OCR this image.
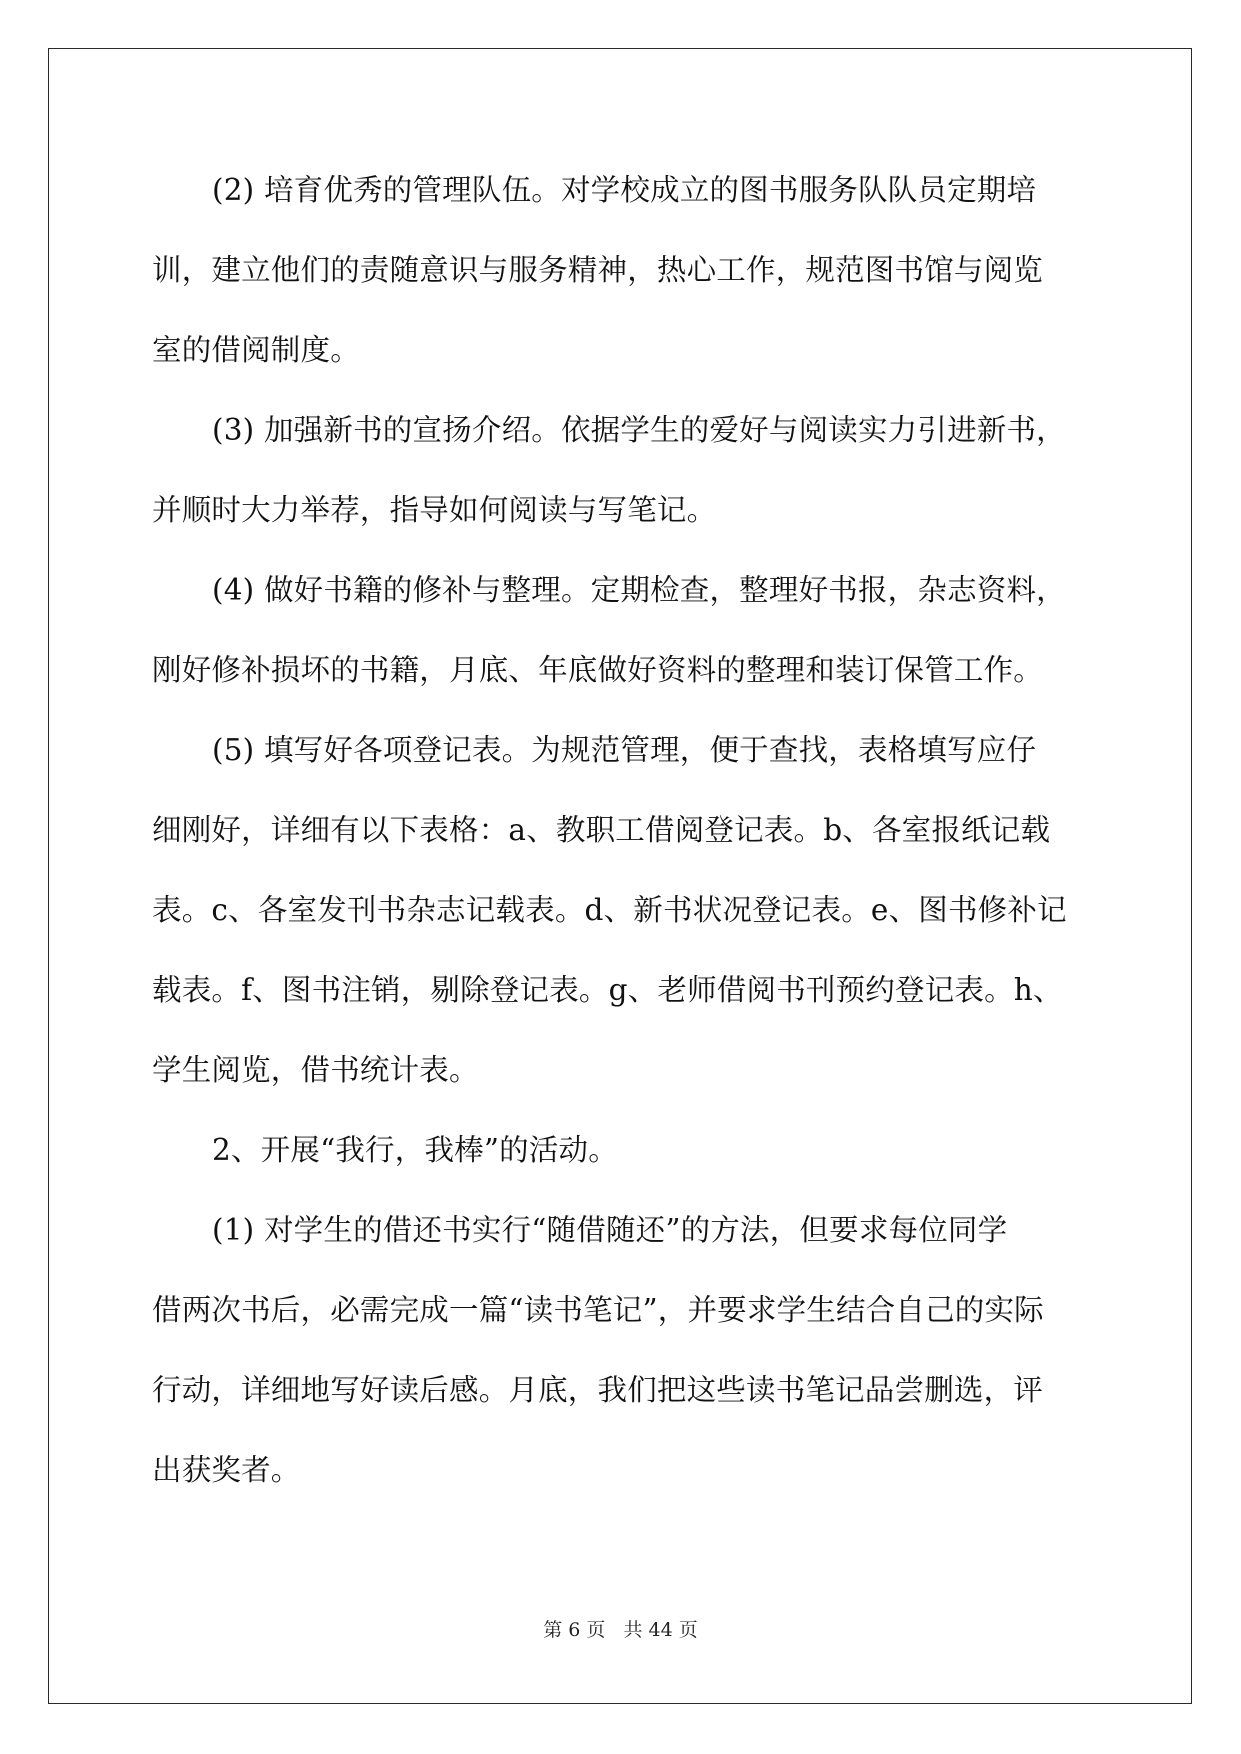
(2) 培育优秀的管理队伍。对学校成立的图书服务队队员定期培
训，建立他们的责随意识与服务精神，热心工作，规范图书馆与阅览
室的借阅制度。
(3) 加强新书的宣扬介绍。依据学生的爱好与阅读实力引进新书，
并顺时大力举荐，指导如何阅读与写笔记。
(4) 做好书籍的修补与整理。定期检查，整理好书报，杂志资料，
刚好修补损坏的书籍，月底、年底做好资料的整理和装订保管工作。
(5) 填写好各项登记表。为规范管理，便于查找，表格填写应仔
细刚好，详细有以下表格：a、教职工借阅登记表。b、各室报纸记载
表。c、各室发刊书杂志记载表。d、新书状况登记表。e、图书修补记
载表。f、图书注销，剔除登记表。g、老师借阅书刊预约登记表。h、
学生阅览，借书统计表。
2、开展“我行，我棒”的活动。
(1) 对学生的借还书实行“随借随还”的方法，但要求每位同学
借两次书后，必需完成一篇“读书笔记”，并要求学生结合自己的实际
行动，详细地写好读后感。月底，我们把这些读书笔记品尝删选，评
出获奖者。
第 6 页   共 44 页
